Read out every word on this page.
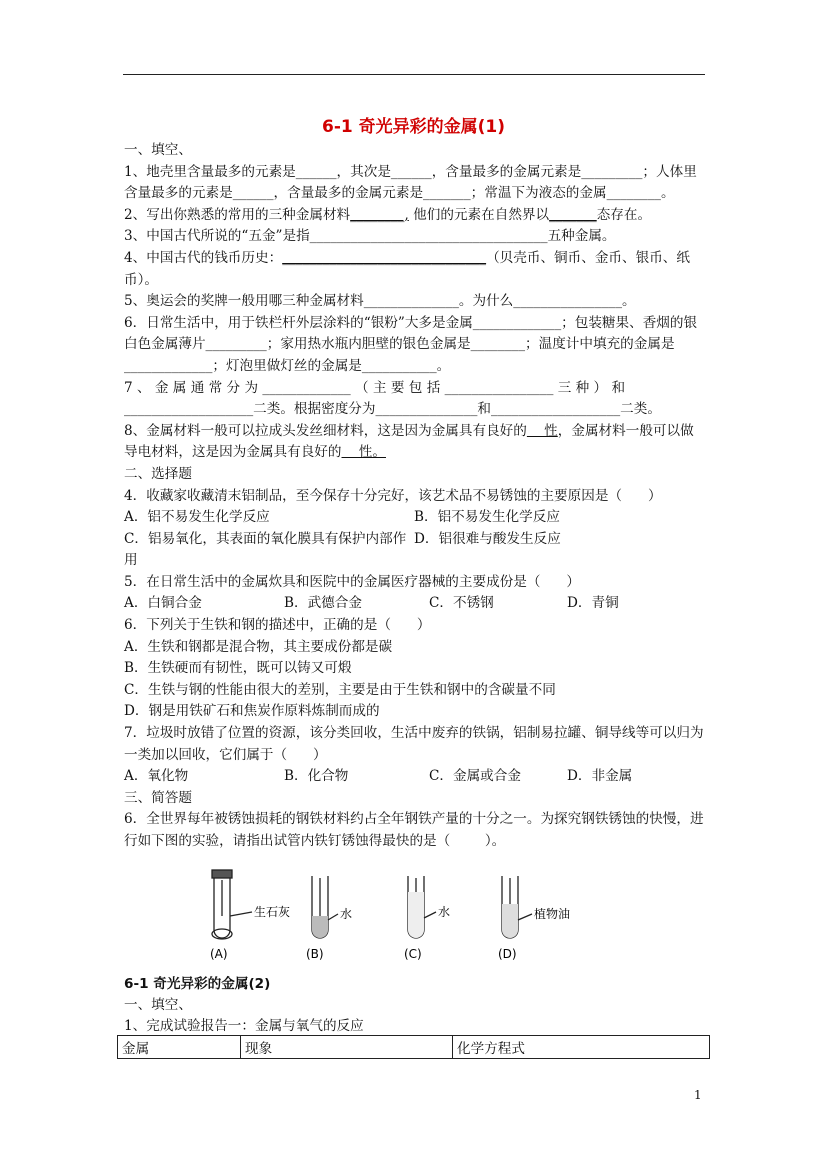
6-1 奇光异彩的金属(1)

一、填空、

1、地壳里含量最多的元素是______，其次是______，含量最多的金属元素是_________；人体里含量最多的元素是______，含量最多的金属元素是_______；常温下为液态的金属________。

2、写出你熟悉的常用的三种金属材料________, 他们的元素在自然界以_______态存在。

3、中国古代所说的“五金”是指___________________________________五种金属。

4、中国古代的钱币历史：______________________________（贝壳币、铜币、金币、银币、纸币）。

5、奥运会的奖牌一般用哪三种金属材料______________。为什么________________。

6．日常生活中，用于铁栏杆外层涂料的“银粉”大多是金属_____________；包装糖果、香烟的银白色金属薄片_________；家用热水瓶内胆壁的银色金属是________；温度计中填充的金属是_____________；灯泡里做灯丝的金属是___________。

7 、 金 属 通 常 分 为 _____________ （ 主 要 包 括 ________________ 三 种 ） 和 ___________________二类。根据密度分为_______________和___________________二类。

8、金属材料一般可以拉成头发丝细材料，这是因为金属具有良好的    性，金属材料一般可以做导电材料，这是因为金属具有良好的    性。

二、选择题

4．收藏家收藏清末铝制品，至今保存十分完好，该艺术品不易锈蚀的主要原因是（      ）

A．铝不易发生化学反应	B．铝不易发生化学反应

C．铝易氧化，其表面的氧化膜具有保护内部作用
D．铝很难与酸发生反应

5．在日常生活中的金属炊具和医院中的金属医疗器械的主要成份是（      ）

A．白铜合金	B．武德合金	C．不锈钢	D．青铜

6．下列关于生铁和钢的描述中，正确的是（      ）

A．生铁和钢都是混合物，其主要成份都是碳

B．生铁硬而有韧性，既可以铸又可煅

C．生铁与钢的性能由很大的差别，主要是由于生铁和钢中的含碳量不同

D．钢是用铁矿石和焦炭作原料炼制而成的

7．垃圾时放错了位置的资源，该分类回收，生活中废弃的铁锅，铝制易拉罐、铜导线等可以归为一类加以回收，它们属于（      ）

A．氧化物	B．化合物	C．金属或合金	D．非金属

三、简答题

6．全世界每年被锈蚀损耗的钢铁材料约占全年钢铁产量的十分之一。为探究钢铁锈蚀的快慢，进行如下图的实验，请指出试管内铁钉锈蚀得最快的是（        ）。

生石灰
(A)
水
(B)
水
(C)
植物油
(D)

6-1 奇光异彩的金属(2)

一、填空、

1、完成试验报告一：金属与氧气的反应

金属	现象	化学方程式
1
